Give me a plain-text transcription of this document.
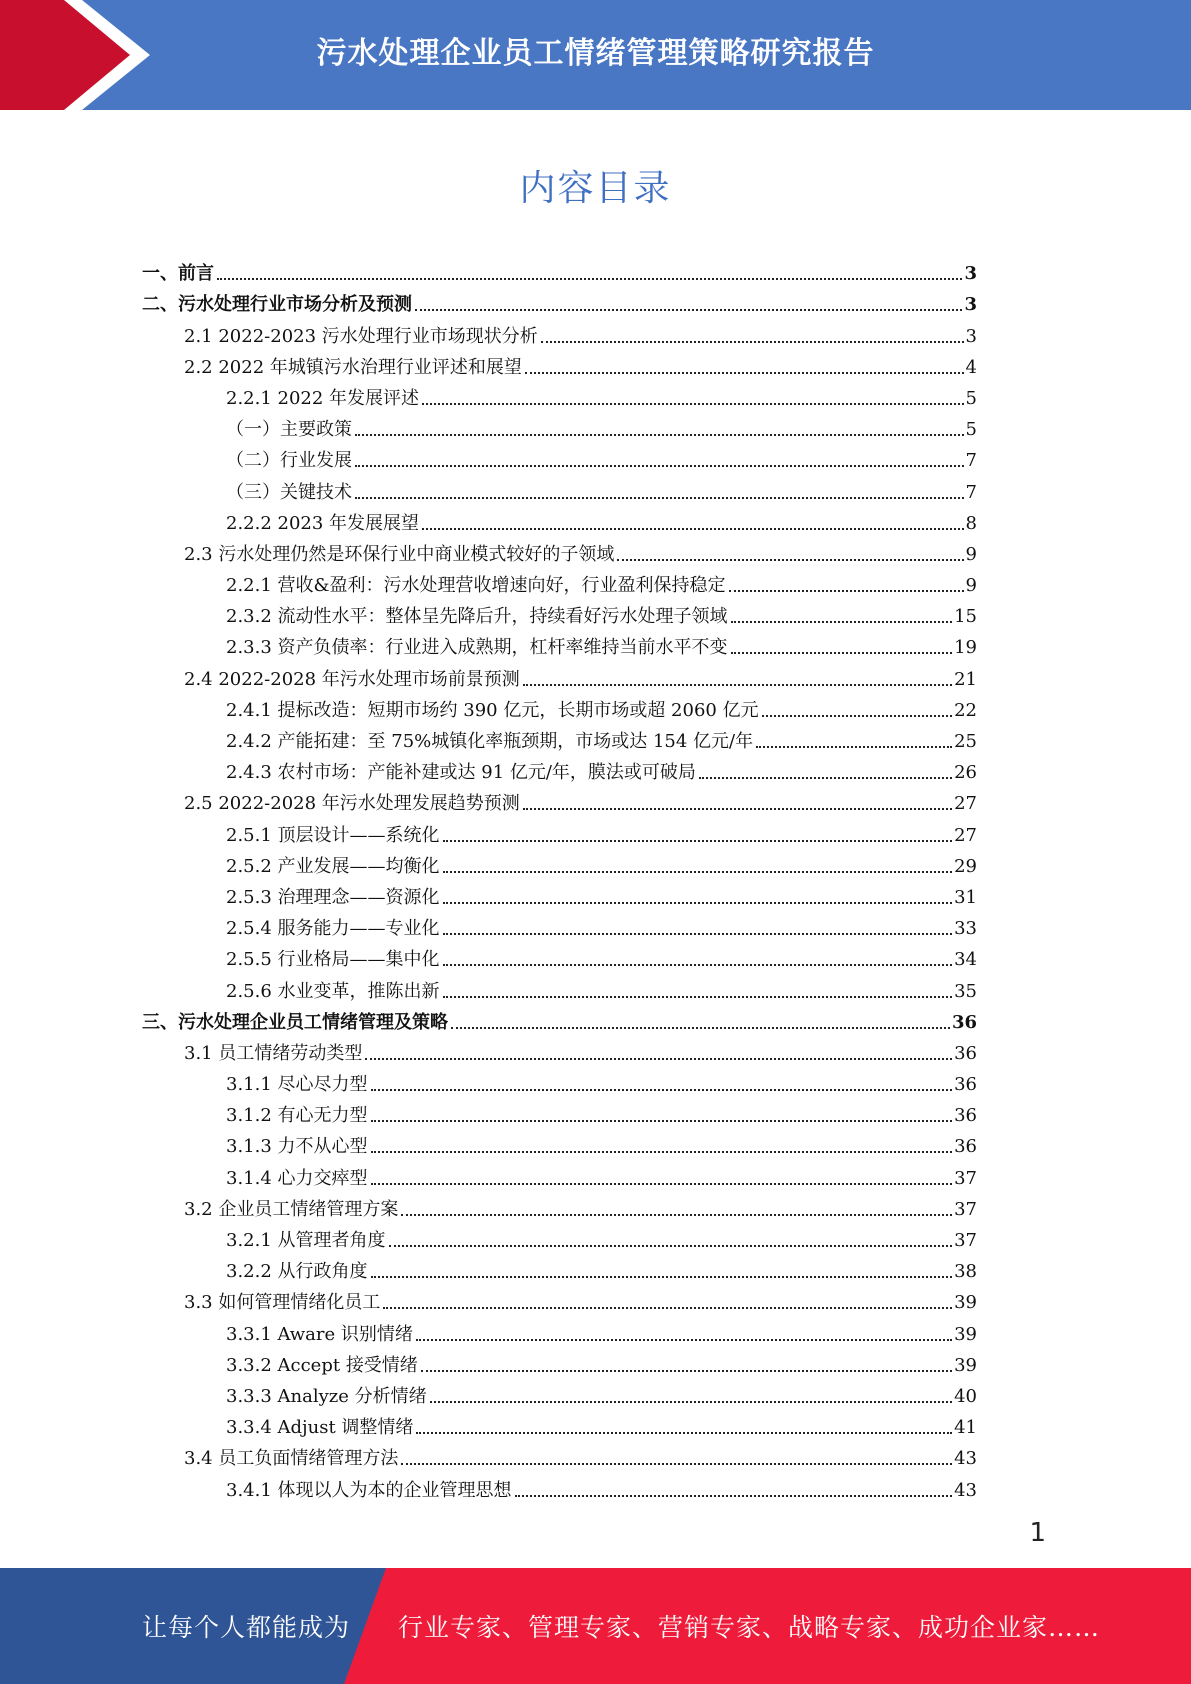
污水处理企业员工情绪管理策略研究报告
内容目录
一、前言	3
二、污水处理行业市场分析及预测	3
2.1 2022-2023 污水处理行业市场现状分析	3
2.2 2022 年城镇污水治理行业评述和展望	4
2.2.1 2022 年发展评述	5
（一）主要政策	5
（二）行业发展	7
（三）关键技术	7
2.2.2 2023 年发展展望	8
2.3 污水处理仍然是环保行业中商业模式较好的子领域	9
2.2.1 营收&盈利：污水处理营收增速向好，行业盈利保持稳定	9
2.3.2 流动性水平：整体呈先降后升，持续看好污水处理子领域	15
2.3.3 资产负债率：行业进入成熟期，杠杆率维持当前水平不变	19
2.4 2022-2028 年污水处理市场前景预测	21
2.4.1 提标改造：短期市场约 390 亿元，长期市场或超 2060 亿元	22
2.4.2 产能拓建：至 75%城镇化率瓶颈期，市场或达 154 亿元/年	25
2.4.3 农村市场：产能补建或达 91 亿元/年，膜法或可破局	26
2.5 2022-2028 年污水处理发展趋势预测	27
2.5.1 顶层设计——系统化	27
2.5.2 产业发展——均衡化	29
2.5.3 治理理念——资源化	31
2.5.4 服务能力——专业化	33
2.5.5 行业格局——集中化	34
2.5.6 水业变革，推陈出新	35
三、污水处理企业员工情绪管理及策略	36
3.1 员工情绪劳动类型	36
3.1.1 尽心尽力型	36
3.1.2 有心无力型	36
3.1.3 力不从心型	36
3.1.4 心力交瘁型	37
3.2 企业员工情绪管理方案	37
3.2.1 从管理者角度	37
3.2.2 从行政角度	38
3.3 如何管理情绪化员工	39
3.3.1 Aware 识别情绪	39
3.3.2 Accept 接受情绪	39
3.3.3 Analyze 分析情绪	40
3.3.4 Adjust 调整情绪	41
3.4 员工负面情绪管理方法	43
3.4.1 体现以人为本的企业管理思想	43
1
让每个人都能成为 行业专家、管理专家、营销专家、战略专家、成功企业家……
